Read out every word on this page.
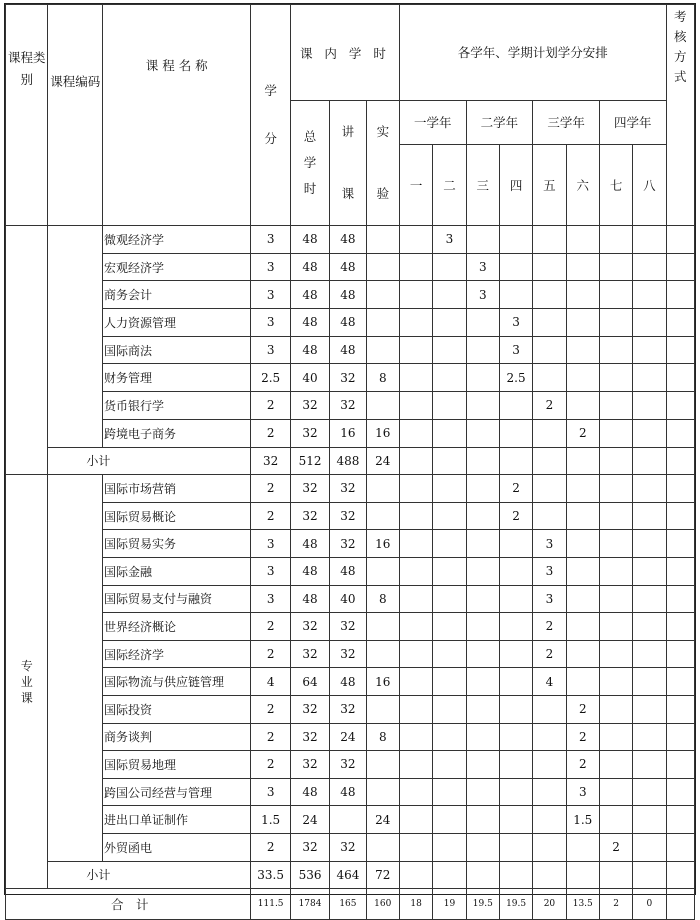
课程类别	课程编码	课 程 名 称	学分	课 内 学 时			各学年、学期计划学分安排								考核方式
				总学时	讲课	实验	一学年		二学年		三学年		四学年		
							一	二	三	四	五	六	七	八	
		微观经济学	3	48	48			3							
		宏观经济学	3	48	48				3						
		商务会计	3	48	48				3						
		人力资源管理	3	48	48					3					
		国际商法	3	48	48					3					
		财务管理	2.5	40	32	8				2.5					
		货币银行学	2	32	32						2				
		跨境电子商务	2	32	16	16						2			
	小计		32	512	488	24									
专业课		国际市场营销	2	32	32					2					
		国际贸易概论	2	32	32					2					
		国际贸易实务	3	48	32	16					3				
		国际金融	3	48	48						3				
		国际贸易支付与融资	3	48	40	8					3				
		世界经济概论	2	32	32						2				
		国际经济学	2	32	32						2				
		国际物流与供应链管理	4	64	48	16					4				
		国际投资	2	32	32							2			
		商务谈判	2	32	24	8						2			
		国际贸易地理	2	32	32							2			
		跨国公司经营与管理	3	48	48							3			
		进出口单证制作	1.5	24		24						1.5			
		外贸函电	2	32	32								2		
	小计		33.5	536	464	72									
合　计			111.5	1784	165	160	18	19	19.5	19.5	20	13.5	2	0	
